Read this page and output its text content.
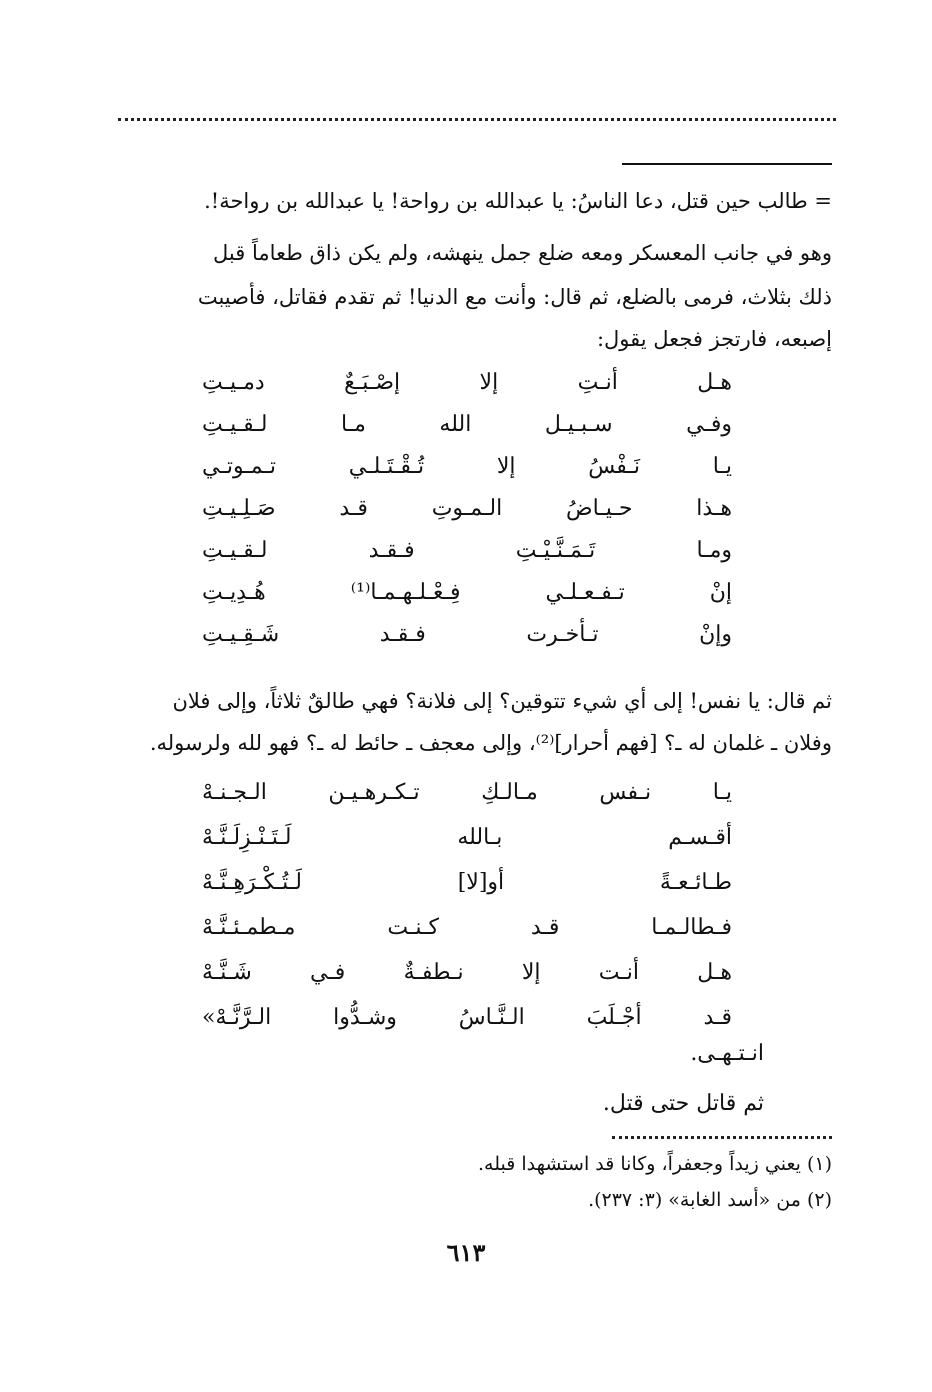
= طالب حين قتل، دعا الناسُ: يا عبدالله بن رواحة! يا عبدالله بن رواحة!.
وهو في جانب المعسكر ومعه ضلع جمل ينهشه، ولم يكن ذاق طعاماً قبل
ذلك بثلاث، فرمى بالضلع، ثم قال: وأنت مع الدنيا! ثم تقدم فقاتل، فأصيبت
إصبعه، فارتجز فجعل يقول:
هـل
أنـتِ
إلا
إصْـبَـعٌ
دمـيـتِ
وفـي
سـبـيـل
الله
مـا
لـقـيـتِ
يـا
نَـفْسُ
إلا
تُـقْـتَـلـي
تـمـوتـي
هـذا
حـيـاضُ
الـمـوتِ
قـد
صَـلِـيـتِ
ومـا
تَـمَـنَّـيْـتِ
فـقـد
لـقـيـتِ
إنْ
تـفـعـلـي
فِـعْـلـهـمـا⁽¹⁾
هُـدِيـتِ
وإنْ
تـأخـرت
فـقـد
شَـقِـيـتِ
ثم قال: يا نفس! إلى أي شيء تتوقين؟ إلى فلانة؟ فهي طالقٌ ثلاثاً، وإلى فلان
وفلان ـ غلمان له ـ؟ [فهم أحرار]⁽²⁾، وإلى معجف ـ حائط له ـ؟ فهو لله ولرسوله.
يـا
نـفس
مـالـكِ
تـكـرهـيـن
الـجـنـهْ
أقـسـم
بـالله
لَـتَـنْـزِلَـنَّـهْ
طـائـعـةً
أو[لا]
لَـتُـكْـرَهِـنَّـهْ
فـطالـمـا
قـد
كـنـت
مـطمـئـنَّـهْ
هـل
أنـت
إلا
نـطفـةٌ
فـي
شَـنَّـهْ
قـد
أجْـلَبَ
الـنَّـاسُ
وشـدُّوا
الـرَّنَّـهْ»
انـتـهـى.
ثم قاتل حتى قتل.
(١) يعني زيداً وجعفراً، وكانا قد استشهدا قبله.
(٢) من «أسد الغابة» (٣: ٢٣٧).
٦١٣
